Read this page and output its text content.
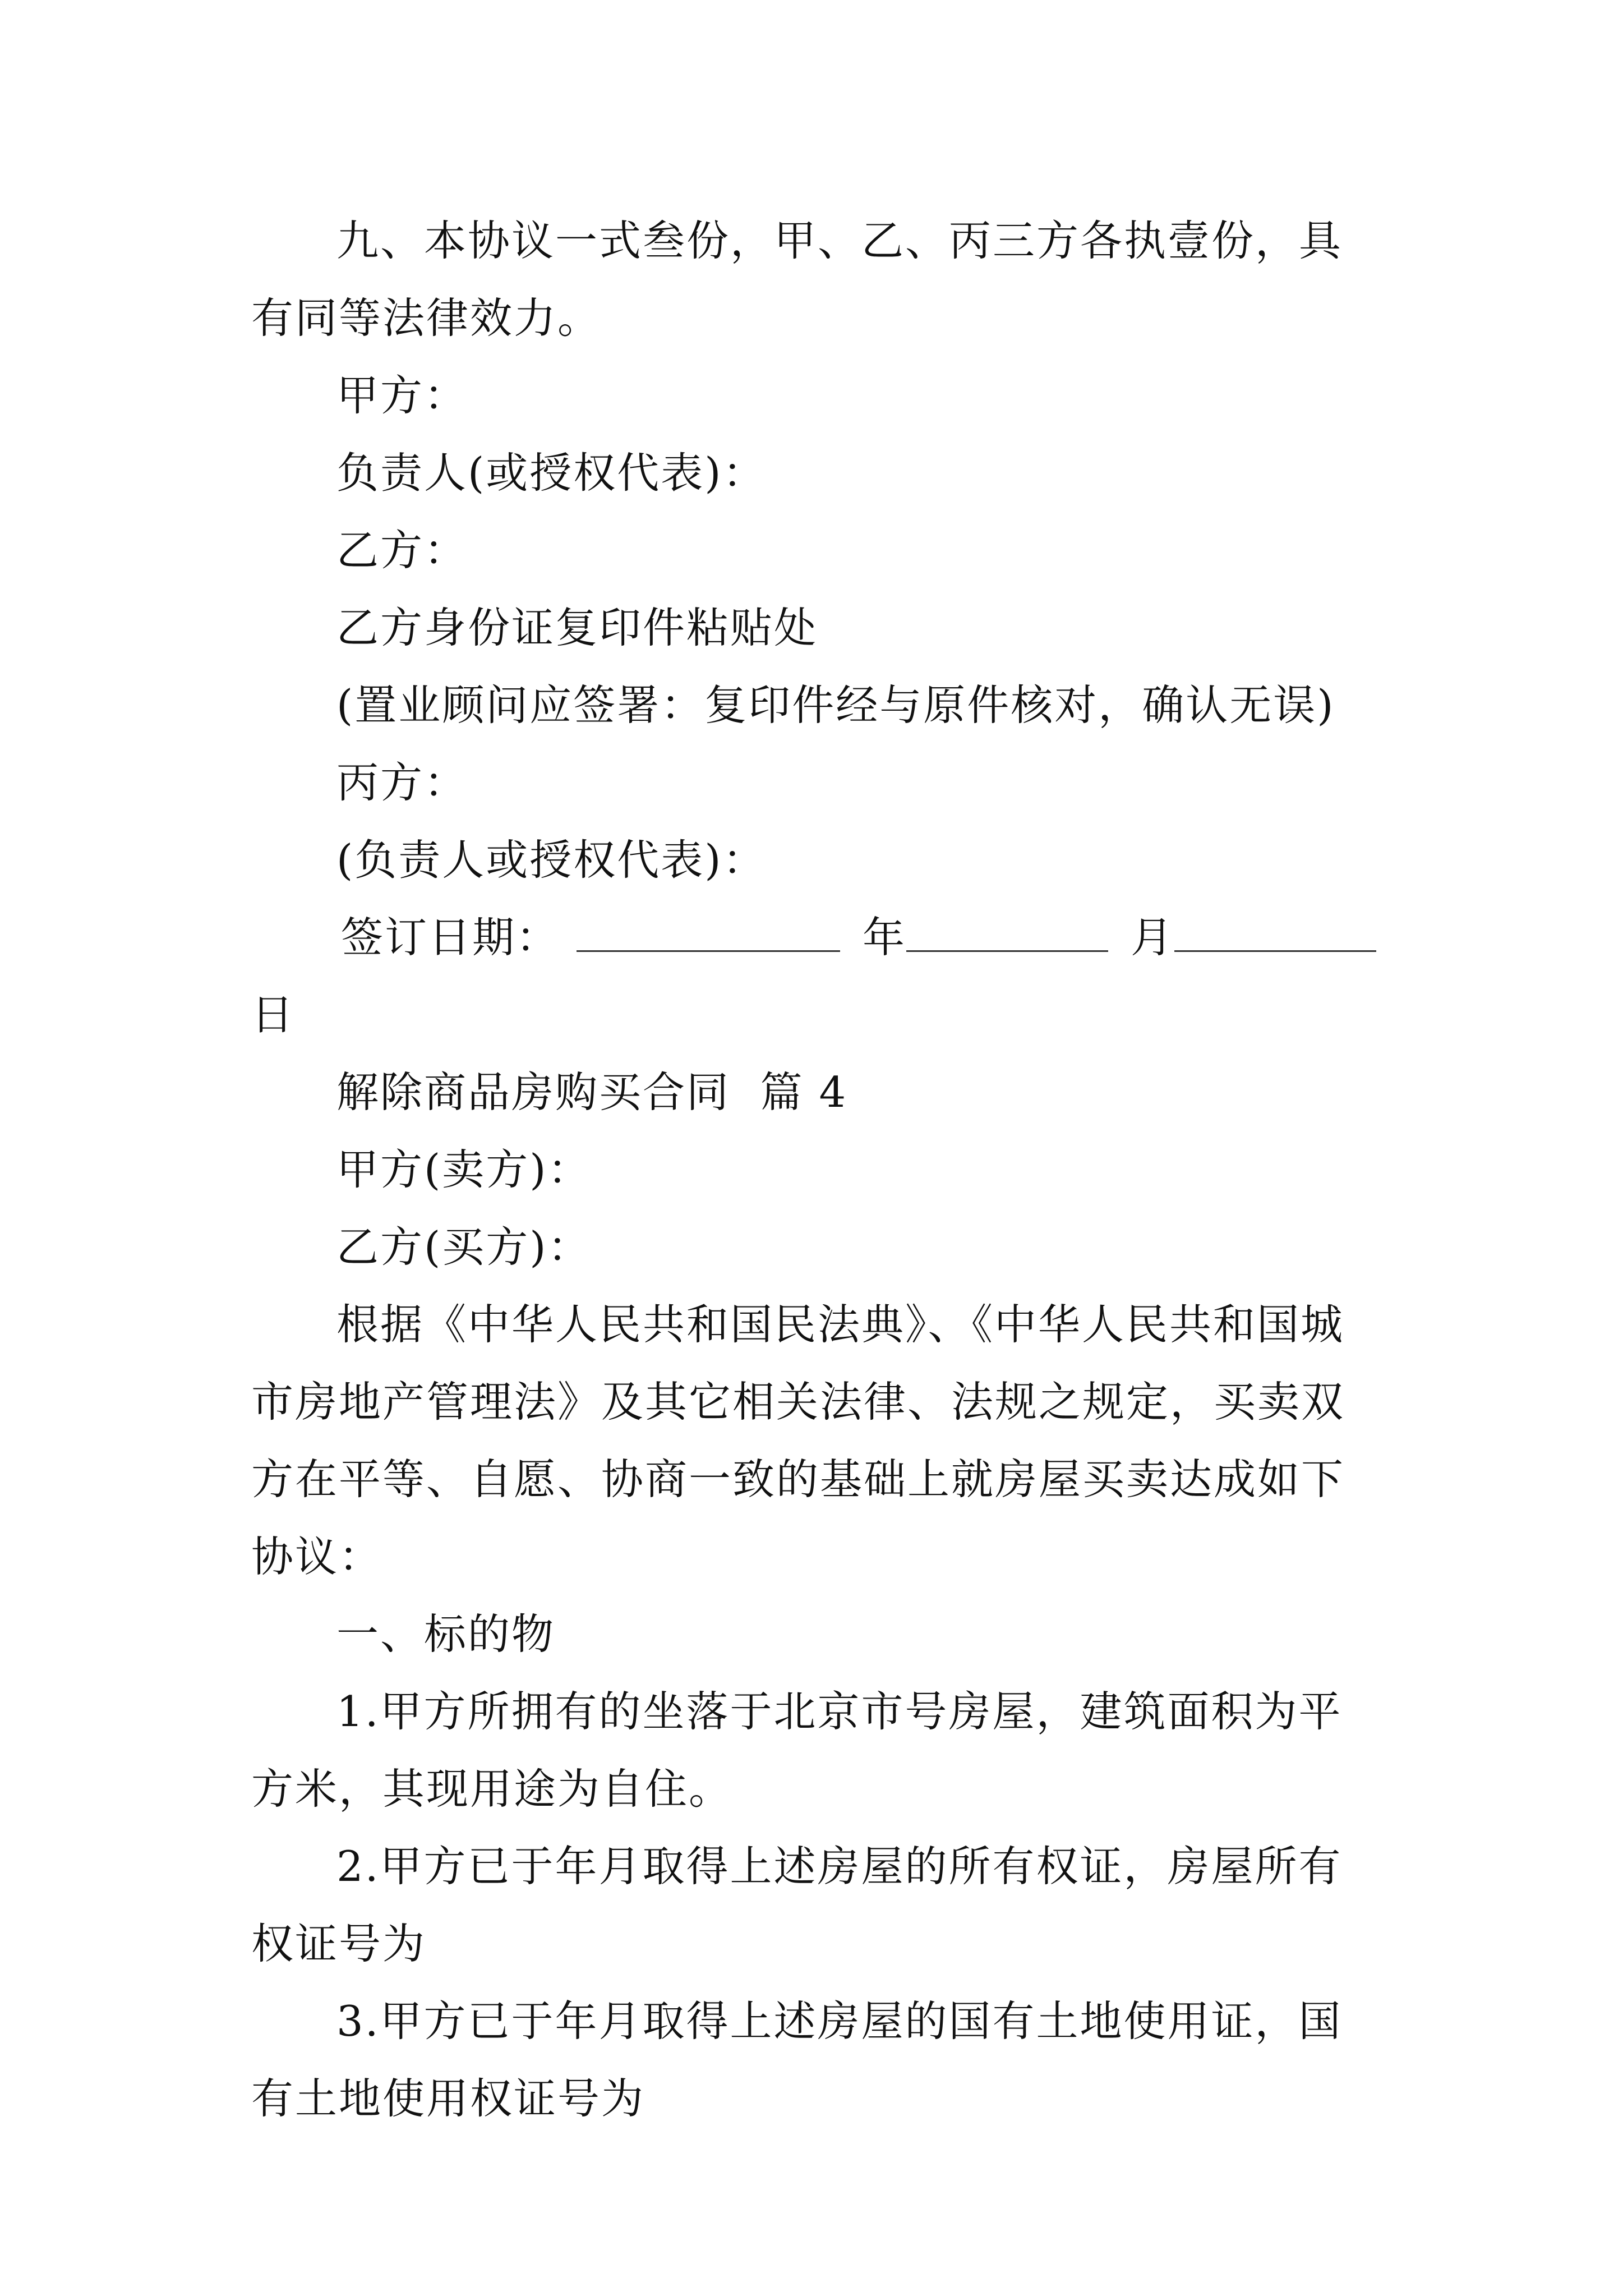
九、本协议一式叁份，甲、乙、丙三方各执壹份，具有同等法律效力。

甲方：

负责人(或授权代表)：

乙方：

乙方身份证复印件粘贴处

(置业顾问应签署：复印件经与原件核对，确认无误)

丙方：

(负责人或授权代表)：

签订日期：	年	月

日

解除商品房购买合同  篇 4

甲方(卖方)：

乙方(买方)：

根据《中华人民共和国民法典》、《中华人民共和国城市房地产管理法》及其它相关法律、法规之规定，买卖双方在平等、自愿、协商一致的基础上就房屋买卖达成如下协议：

一、标的物

1.甲方所拥有的坐落于北京市号房屋，建筑面积为平方米，其现用途为自住。

2.甲方已于年月取得上述房屋的所有权证，房屋所有权证号为

3.甲方已于年月取得上述房屋的国有土地使用证，国有土地使用权证号为
